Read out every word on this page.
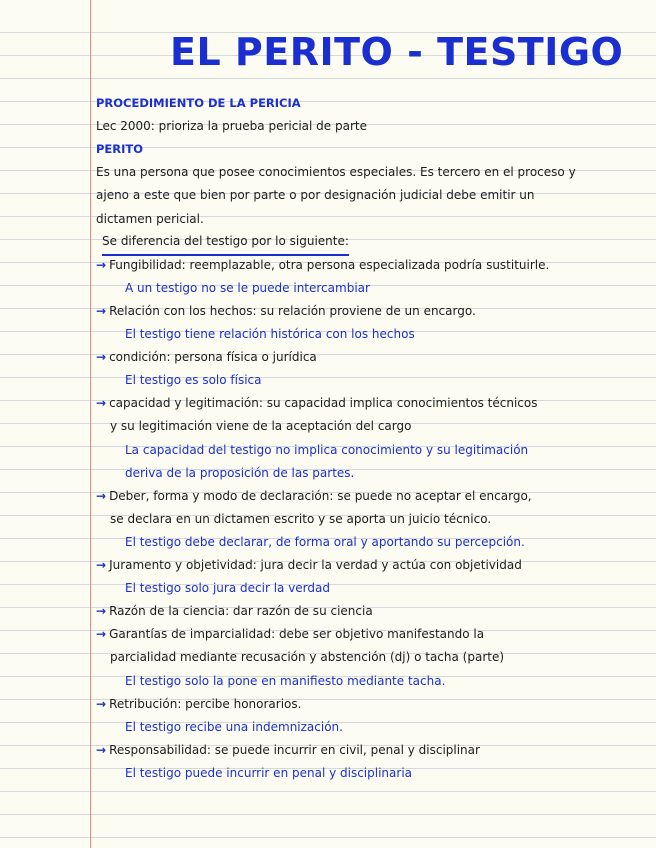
EL PERITO - TESTIGO
PROCEDIMIENTO DE LA PERICIA
Lec 2000: prioriza la prueba pericial de parte
PERITO
Es una persona que posee conocimientos especiales. Es tercero en el proceso y
ajeno a este que bien por parte o por designación judicial debe emitir un
dictamen pericial.
Se diferencia del testigo por lo siguiente:
→ Fungibilidad: reemplazable, otra persona especializada podría sustituirle.
A un testigo no se le puede intercambiar
→ Relación con los hechos: su relación proviene de un encargo.
El testigo tiene relación histórica con los hechos
→ condición: persona física o jurídica
El testigo es solo física
→ capacidad y legitimación: su capacidad implica conocimientos técnicos
y su legitimación viene de la aceptación del cargo
La capacidad del testigo no implica conocimiento y su legitimación
deriva de la proposición de las partes.
→ Deber, forma y modo de declaración: se puede no aceptar el encargo,
se declara en un dictamen escrito y se aporta un juicio técnico.
El testigo debe declarar, de forma oral y aportando su percepción.
→ Juramento y objetividad: jura decir la verdad y actúa con objetividad
El testigo solo jura decir la verdad
→ Razón de la ciencia: dar razón de su ciencia
→ Garantías de imparcialidad: debe ser objetivo manifestando la
parcialidad mediante recusación y abstención (dj) o tacha (parte)
El testigo solo la pone en manifiesto mediante tacha.
→ Retribución: percibe honorarios.
El testigo recibe una indemnización.
→ Responsabilidad: se puede incurrir en civil, penal y disciplinar
El testigo puede incurrir en penal y disciplinaria
